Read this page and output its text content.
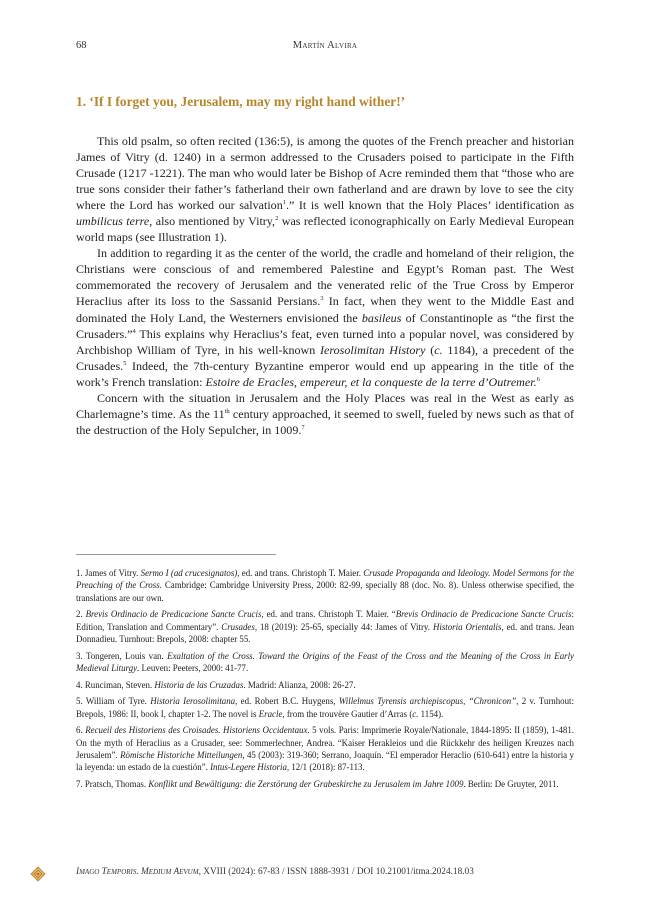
68	Martín Alvira
1. ‘If I forget you, Jerusalem, may my right hand wither!’

This old psalm, so often recited (136:5), is among the quotes of the French preacher and historian James of Vitry (d. 1240) in a sermon addressed to the Crusaders poised to participate in the Fifth Crusade (1217 -1221). The man who would later be Bishop of Acre reminded them that “those who are true sons consider their father’s fatherland their own fatherland and are drawn by love to see the city where the Lord has worked our salvation$^1$.” It is well known that the Holy Places’ identification as umbilicus terre, also mentioned by Vitry,$^2$ was reflected iconographically on Early Medieval European world maps (see Illustration 1).

In addition to regarding it as the center of the world, the cradle and homeland of their religion, the Christians were conscious of and remembered Palestine and Egypt’s Roman past. The West commemorated the recovery of Jerusalem and the venerated relic of the True Cross by Emperor Heraclius after its loss to the Sassanid Persians.$^3$ In fact, when they went to the Middle East and dominated the Holy Land, the Westerners envisioned the basileus of Constantinople as “the first the Crusaders.”$^4$ This explains why Heraclius’s feat, even turned into a popular novel, was considered by Archbishop William of Tyre, in his well-known Ierosolimitan History (c. 1184), a precedent of the Crusades.$^5$ Indeed, the 7th-century Byzantine emperor would end up appearing in the title of the work’s French translation: Estoire de Eracles, empereur, et la conqueste de la terre d’Outremer.$^6$

Concern with the situation in Jerusalem and the Holy Places was real in the West as early as Charlemagne’s time. As the 11th century approached, it seemed to swell, fueled by news such as that of the destruction of the Holy Sepulcher, in 1009.$^7$

1. James of Vitry. Sermo I (ad crucesignatos), ed. and trans. Christoph T. Maier. Crusade Propaganda and Ideology. Model Sermons for the Preaching of the Cross. Cambridge: Cambridge University Press, 2000: 82-99, specially 88 (doc. No. 8). Unless otherwise specified, the translations are our own.

2. Brevis Ordinacio de Predicacione Sancte Crucis, ed. and trans. Christoph T. Maier. “Brevis Ordinacio de Predicacione Sancte Crucis: Edition, Translation and Commentary”. Crusades, 18 (2019): 25-65, specially 44: James of Vitry. Historia Orientalis, ed. and trans. Jean Donnadieu. Turnhout: Brepols, 2008: chapter 55.

3. Tongeren, Louis van. Exaltation of the Cross. Toward the Origins of the Feast of the Cross and the Meaning of the Cross in Early Medieval Liturgy. Leuven: Peeters, 2000: 41-77.

4. Runciman, Steven. Historia de las Cruzadas. Madrid: Alianza, 2008: 26-27.

5. William of Tyre. Historia Ierosolimitana, ed. Robert B.C. Huygens, Willelmus Tyrensis archiepiscopus, “Chronicon”, 2 v. Turnhout: Brepols, 1986: II, book I, chapter 1-2. The novel is Eracle, from the trouvère Gautier d’Arras (c. 1154).

6. Recueil des Historiens des Croisades. Historiens Occidentaux. 5 vols. Paris: Imprimerie Royale/Nationale, 1844-1895: II (1859), 1-481. On the myth of Heraclius as a Crusader, see: Sommerlechner, Andrea. “Kaiser Herakleios und die Rückkehr des heiligen Kreuzes nach Jerusalem”. Römische Historiche Mitteilungen, 45 (2003): 319-360; Serrano, Joaquín. “El emperador Heraclio (610-641) entre la historia y la leyenda: un estado de la cuestión”. Intus-Legere Historia, 12/1 (2018): 87-113.

7. Pratsch, Thomas. Konflikt und Bewältigung: die Zerstörung der Grabeskirche zu Jerusalem im Jahre 1009. Berlin: De Gruyter, 2011.

Imago Temporis. Medium Aevum, XVIII (2024): 67-83 / ISSN 1888-3931 / DOI 10.21001/itma.2024.18.03
